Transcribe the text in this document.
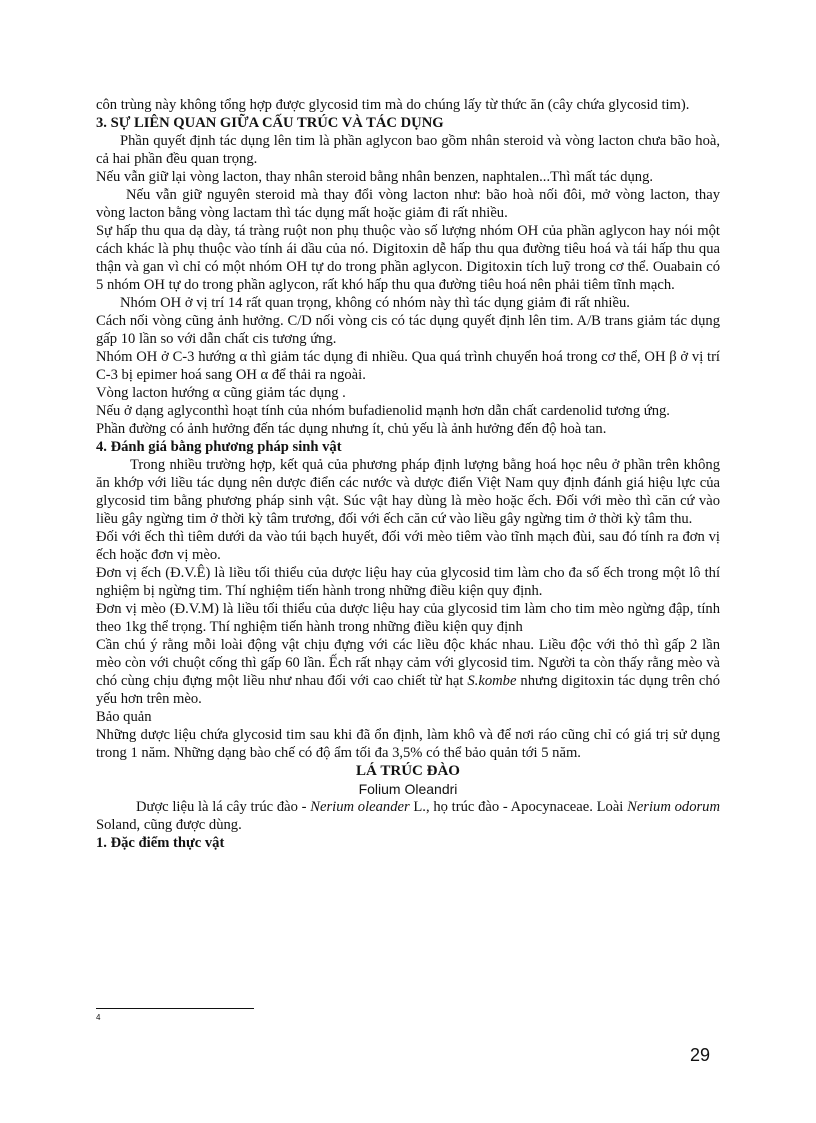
côn trùng này không tổng hợp được glycosid tim mà do chúng lấy từ thức ăn (cây chứa glycosid tim).

3. SỰ LIÊN QUAN GIỮA CẤU TRÚC VÀ TÁC DỤNG

Phần quyết định tác dụng lên tim là phần aglycon bao gồm nhân steroid và vòng lacton chưa bão hoà, cả hai phần đều quan trọng.

Nếu vẫn giữ lại vòng lacton, thay nhân steroid bằng nhân benzen, naphtalen...Thì mất tác dụng.

Nếu vẫn giữ nguyên steroid mà thay đổi vòng lacton như: bão hoà nối đôi, mở vòng lacton, thay vòng lacton bằng vòng lactam thì tác dụng mất hoặc giảm đi rất nhiều.

Sự hấp thu qua dạ dày, tá tràng ruột non phụ thuộc vào số lượng nhóm OH của phần aglycon hay nói một cách khác là phụ thuộc vào tính ái dầu của nó. Digitoxin dễ hấp thu qua đường tiêu hoá và tái hấp thu qua thận và gan vì chỉ có một nhóm OH tự do trong phần aglycon. Digitoxin tích luỹ trong cơ thể. Ouabain có 5 nhóm OH tự do trong phần aglycon, rất khó hấp thu qua đường tiêu hoá nên phải tiêm tĩnh mạch.

Nhóm OH ở vị trí 14 rất quan trọng, không có nhóm này thì tác dụng giảm đi rất nhiều.

Cách nối vòng cũng ảnh hưởng. C/D nối vòng cis có tác dụng quyết định lên tim. A/B trans giảm tác dụng gấp 10 lần so với dẫn chất cis tương ứng.

Nhóm OH ở C-3 hướng α thì giảm tác dụng đi nhiều. Qua quá trình chuyển hoá trong cơ thể, OH β ở vị trí C-3 bị epimer hoá sang OH α để thải ra ngoài.

Vòng lacton hướng α cũng giảm tác dụng .

Nếu ở dạng aglyconthì hoạt tính của nhóm bufadienolid mạnh hơn dẫn chất cardenolid tương ứng.

Phần đường có ảnh hưởng đến tác dụng nhưng ít, chủ yếu là ảnh hưởng đến độ hoà tan.

4. Đánh giá bằng phương pháp sinh vật

Trong nhiều trường hợp, kết quả của phương pháp định lượng bằng hoá học nêu ở phần trên không ăn khớp với liều tác dụng nên dược điển các nước và dược điển Việt Nam quy định đánh giá hiệu lực của glycosid tim bằng phương pháp sinh vật. Súc vật hay dùng là mèo hoặc ếch. Đối với mèo thì căn cứ vào liều gây ngừng tim ở thời kỳ tâm trương, đối với ếch căn cứ vào liều gây ngừng tim ở thời kỳ tâm thu.

Đối với ếch thì tiêm dưới da vào túi bạch huyết, đối với mèo tiêm vào tĩnh mạch đùi, sau đó tính ra đơn vị ếch hoặc đơn vị mèo.

Đơn vị ếch (Đ.V.Ê) là liều tối thiểu của dược liệu hay của glycosid tim làm cho đa số ếch trong một lô thí nghiệm bị ngừng tim. Thí nghiệm tiến hành trong những điều kiện quy định.

Đơn vị mèo (Đ.V.M) là liều tối thiểu của dược liệu hay của glycosid tim làm cho tim mèo ngừng đập, tính theo 1kg thể trọng. Thí nghiệm tiến hành trong những điều kiện quy định

Cần chú ý rằng mỗi loài động vật chịu đựng với các liều độc khác nhau. Liều độc với thỏ thì gấp 2 lần mèo còn với chuột cống thì gấp 60 lần. Ếch rất nhạy cảm với glycosid tim. Người ta còn thấy rằng mèo và chó cùng chịu đựng một liều như nhau đối với cao chiết từ hạt S.kombe nhưng digitoxin tác dụng trên chó yếu hơn trên mèo.

Bảo quản

Những dược liệu chứa glycosid tim sau khi đã ổn định, làm khô và để nơi ráo cũng chỉ có giá trị sử dụng trong 1 năm. Những dạng bào chế có độ ẩm tối đa 3,5% có thể bảo quản tới 5 năm.

LÁ TRÚC ĐÀO

Folium Oleandri

Dược liệu là lá cây trúc đào - Nerium oleander L., họ trúc đào - Apocynaceae. Loài Nerium odorum Soland, cũng được dùng.

1. Đặc điểm thực vật

4
29
